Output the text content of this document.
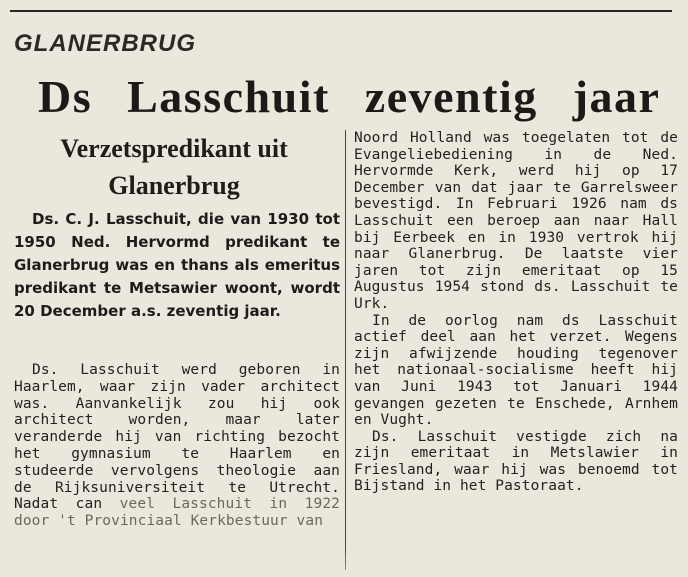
GLANERBRUG
Ds Lasschuit zeventig jaar
Verzetspredikant uit Glanerbrug
Ds. C. J. Lasschuit, die van 1930 tot 1950 Ned. Hervormd predikant te Glanerbrug was en thans als emeritus predikant te Metsawier woont, wordt 20 December a.s. zeventig jaar.
Ds. Lasschuit werd geboren in Haarlem, waar zijn vader architect was. Aanvankelijk zou hij ook architect worden, maar later veranderde hij van richting bezocht het gymnasium te Haarlem en studeerde vervolgens theologie aan de Rijksuniversiteit te Utrecht. Nadat can veel Lasschuit in 1922 door 't Provinciaal Kerkbestuur van

Noord Holland was toegelaten tot de Evangeliebediening in de Ned. Hervormde Kerk, werd hij op 17 December van dat jaar te Garrelsweer bevestigd. In Februari 1926 nam ds Lasschuit een beroep aan naar Hall bij Eerbeek en in 1930 vertrok hij naar Glanerbrug. De laatste vier jaren tot zijn emeritaat op 15 Augustus 1954 stond ds. Lasschuit te Urk.

In de oorlog nam ds Lasschuit actief deel aan het verzet. Wegens zijn afwijzende houding tegenover het nationaal-socialisme heeft hij van Juni 1943 tot Januari 1944 gevangen gezeten te Enschede, Arnhem en Vught.

Ds. Lasschuit vestigde zich na zijn emeritaat in Metslawier in Friesland, waar hij was benoemd tot Bijstand in het Pastoraat.
